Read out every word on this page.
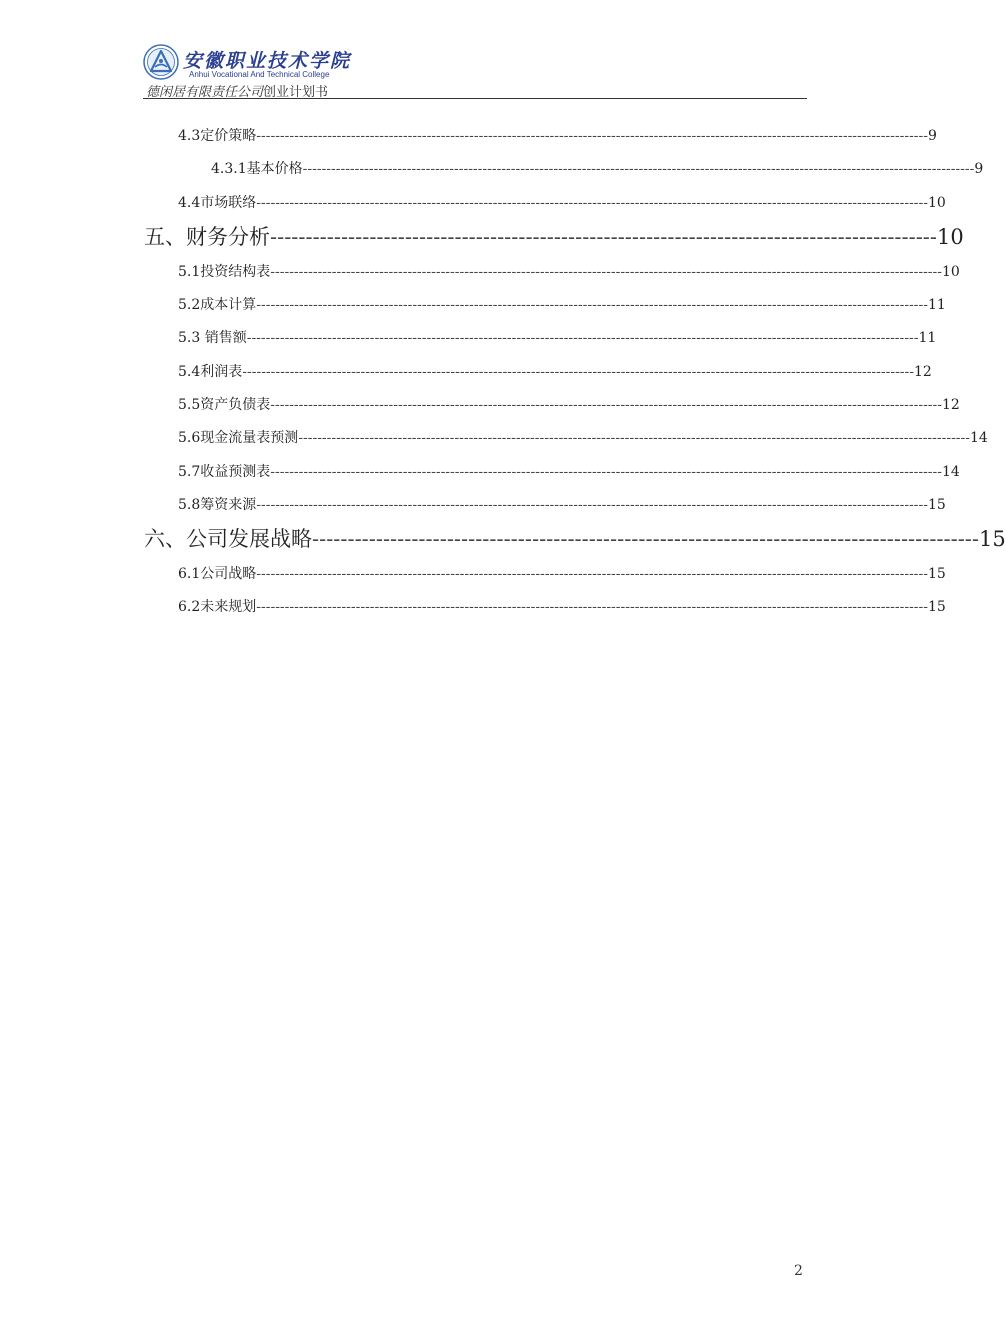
安徽职业技术学院
Anhui Vocational And Technical College
德闲居有限责任公司创业计划书
4.3定价策略 ---------------------------------------------------------------------------------------------------------------------------------------------- 9
4.3.1基本价格 ---------------------------------------------------------------------------------------------------------------------------------------------- 9
4.4市场联络 ---------------------------------------------------------------------------------------------------------------------------------------------- 10
五、财务分析 ---------------------------------------------------------------------------------------------- 10
5.1投资结构表 ---------------------------------------------------------------------------------------------------------------------------------------------- 10
5.2成本计算 ---------------------------------------------------------------------------------------------------------------------------------------------- 11
5.3 销售额 ---------------------------------------------------------------------------------------------------------------------------------------------- 11
5.4利润表 ---------------------------------------------------------------------------------------------------------------------------------------------- 12
5.5资产负债表 ---------------------------------------------------------------------------------------------------------------------------------------------- 12
5.6现金流量表预测 ---------------------------------------------------------------------------------------------------------------------------------------------- 14
5.7收益预测表 ---------------------------------------------------------------------------------------------------------------------------------------------- 14
5.8筹资来源 ---------------------------------------------------------------------------------------------------------------------------------------------- 15
六、公司发展战略 ---------------------------------------------------------------------------------------------- 15
6.1公司战略 ---------------------------------------------------------------------------------------------------------------------------------------------- 15
6.2未来规划 ---------------------------------------------------------------------------------------------------------------------------------------------- 15
2
